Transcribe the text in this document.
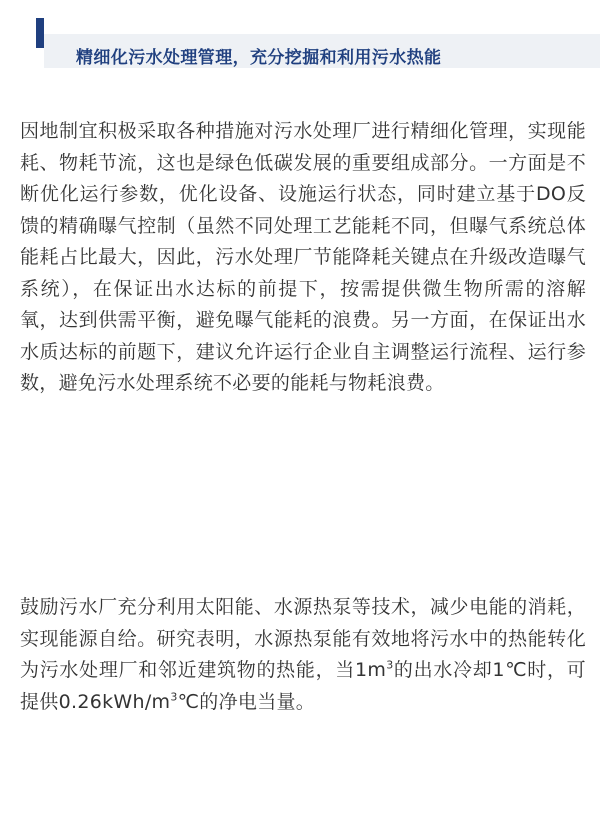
精细化污水处理管理，充分挖掘和利用污水热能

因地制宜积极采取各种措施对污水处理厂进行精细化管理，实现能耗、物耗节流，这也是绿色低碳发展的重要组成部分。一方面是不断优化运行参数，优化设备、设施运行状态，同时建立基于DO反馈的精确曝气控制（虽然不同处理工艺能耗不同，但曝气系统总体能耗占比最大，因此，污水处理厂节能降耗关键点在升级改造曝气系统），在保证出水达标的前提下，按需提供微生物所需的溶解氧，达到供需平衡，避免曝气能耗的浪费。另一方面，在保证出水水质达标的前题下，建议允许运行企业自主调整运行流程、运行参数，避免污水处理系统不必要的能耗与物耗浪费。

鼓励污水厂充分利用太阳能、水源热泵等技术，减少电能的消耗，实现能源自给。研究表明，水源热泵能有效地将污水中的热能转化为污水处理厂和邻近建筑物的热能，当$1m^3$的出水冷却1℃时，可提供$0.26kWh/m^3℃$的净电当量。
